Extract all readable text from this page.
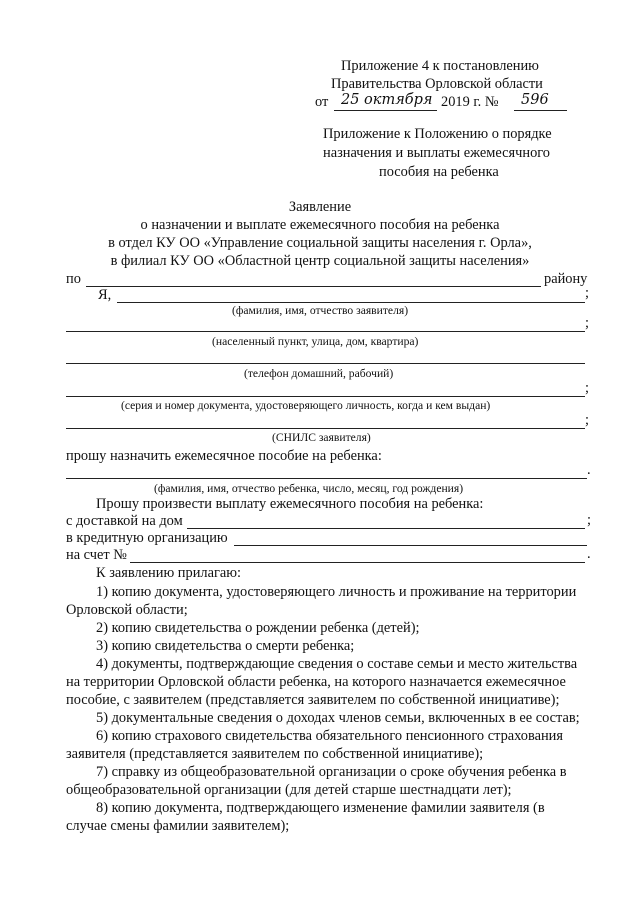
Приложение 4 к постановлению
Правительства Орловской области
от 25 октября 2019 г. № 596
Приложение к Положению о порядке
назначения и выплаты ежемесячного
пособия на ребенка
Заявление
о назначении и выплате ежемесячного пособия на ребенка
в отдел КУ ОО «Управление социальной защиты населения г. Орла»,
в филиал КУ ОО «Областной центр социальной защиты населения»
по	району
Я,	;
(фамилия, имя, отчество заявителя)
;
(населенный пункт, улица, дом, квартира)
(телефон домашний, рабочий)
;
(серия и номер документа, удостоверяющего личность, когда и кем выдан)
;
(СНИЛС заявителя)
прошу назначить ежемесячное пособие на ребенка:
.
(фамилия, имя, отчество ребенка, число, месяц, год рождения)
Прошу произвести выплату ежемесячного пособия на ребенка:
с доставкой на дом	;
в кредитную организацию
на счет №	.
К заявлению прилагаю:
1) копию документа, удостоверяющего личность и проживание на территории
Орловской области;
2) копию свидетельства о рождении ребенка (детей);
3) копию свидетельства о смерти ребенка;
4) документы, подтверждающие сведения о составе семьи и место жительства
на территории Орловской области ребенка, на которого назначается ежемесячное
пособие, с заявителем (представляется заявителем по собственной инициативе);
5) документальные сведения о доходах членов семьи, включенных в ее состав;
6) копию страхового свидетельства обязательного пенсионного страхования
заявителя (представляется заявителем по собственной инициативе);
7) справку из общеобразовательной организации о сроке обучения ребенка в
общеобразовательной организации (для детей старше шестнадцати лет);
8) копию документа, подтверждающего изменение фамилии заявителя (в
случае смены фамилии заявителем);
